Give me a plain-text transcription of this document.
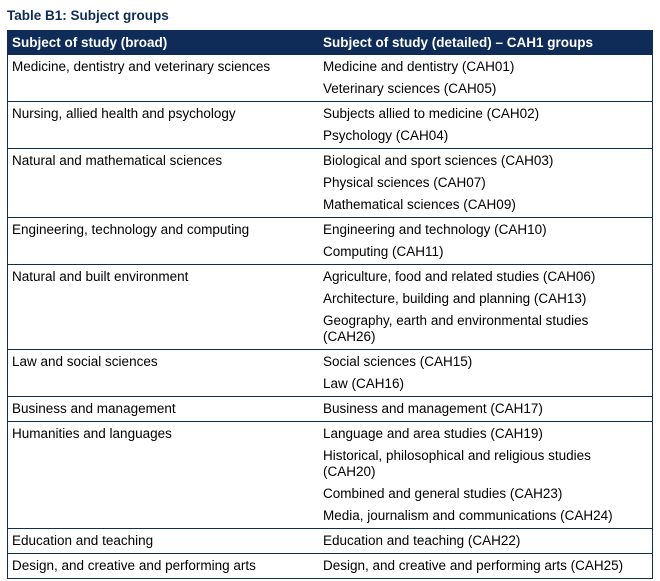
Table B1: Subject groups
Subject of study (broad)	Subject of study (detailed) – CAH1 groups
Medicine, dentistry and veterinary sciences	Medicine and dentistry (CAH01)
Veterinary sciences (CAH05)

Nursing, allied health and psychology	Subjects allied to medicine (CAH02)
Psychology (CAH04)

Natural and mathematical sciences	Biological and sport sciences (CAH03)
Physical sciences (CAH07)
Mathematical sciences (CAH09)

Engineering, technology and computing	Engineering and technology (CAH10)
Computing (CAH11)

Natural and built environment	Agriculture, food and related studies (CAH06)
Architecture, building and planning (CAH13)
Geography, earth and environmental studies (CAH26)

Law and social sciences	Social sciences (CAH15)
Law (CAH16)

Business and management	Business and management (CAH17)

Humanities and languages	Language and area studies (CAH19)
Historical, philosophical and religious studies (CAH20)
Combined and general studies (CAH23)
Media, journalism and communications (CAH24)

Education and teaching	Education and teaching (CAH22)

Design, and creative and performing arts	Design, and creative and performing arts (CAH25)
